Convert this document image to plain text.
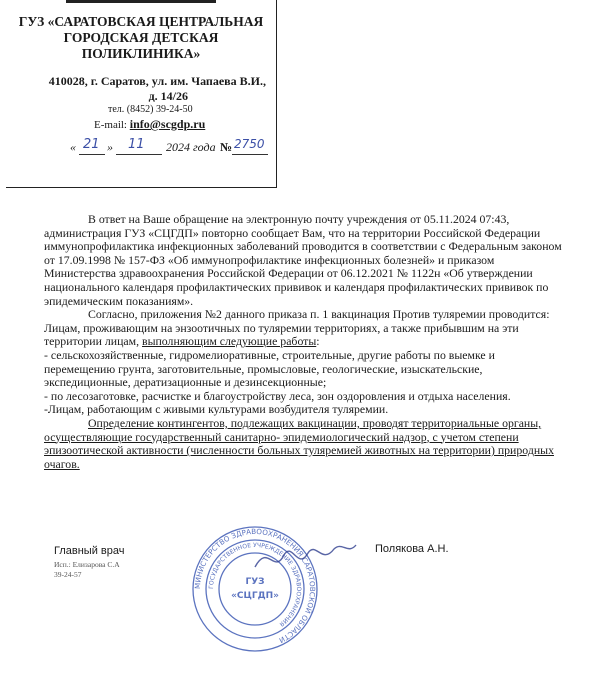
ГУЗ «САРАТОВСКАЯ ЦЕНТРАЛЬНАЯ
ГОРОДСКАЯ ДЕТСКАЯ
ПОЛИКЛИНИКА»
410028, г. Саратов, ул. им. Чапаева В.И.,
д. 14/26
тел. (8452) 39-24-50
E-mail: info@scgdp.ru
« 21 » 11 2024 года № 2750

В ответ на Ваше обращение на электронную почту учреждения от 05.11.2024 07:43, администрация ГУЗ «СЦГДП» повторно сообщает Вам, что на территории Российской Федерации иммунопрофилактика инфекционных заболеваний проводится в соответствии с Федеральным законом от 17.09.1998 № 157-ФЗ «Об иммунопрофилактике инфекционных болезней» и приказом Министерства здравоохранения Российской Федерации от 06.12.2021 № 1122н «Об утверждении национального календаря профилактических прививок и календаря профилактических прививок по эпидемическим показаниям».

Согласно, приложения №2 данного приказа п. 1 вакцинация Против туляремии проводится: Лицам, проживающим на энзоотичных по туляремии территориях, а также прибывшим на эти территории лицам, выполняющим следующие работы:

- сельскохозяйственные, гидромелиоративные, строительные, другие работы по выемке и перемещению грунта, заготовительные, промысловые, геологические, изыскательские, экспедиционные, дератизационные и дезинсекционные;

- по лесозаготовке, расчистке и благоустройству леса, зон оздоровления и отдыха населения.

-Лицам, работающим с живыми культурами возбудителя туляремии.

Определение контингентов, подлежащих вакцинации, проводят территориальные органы, осуществляющие государственный санитарно- эпидемиологический надзор, с учетом степени эпизоотической активности (численности больных туляремией животных на территории) природных очагов.

МИНИСТЕРСТВО ЗДРАВООХРАНЕНИЯ САРАТОВСКОЙ ОБЛАСТИ
ГОСУДАРСТВЕННОЕ УЧРЕЖДЕНИЕ ЗДРАВООХРАНЕНИЯ
ГУЗ
«СЦГДП»
Главный врач
Исп.: Елизарова С.А
39-24-57
Полякова А.Н.
